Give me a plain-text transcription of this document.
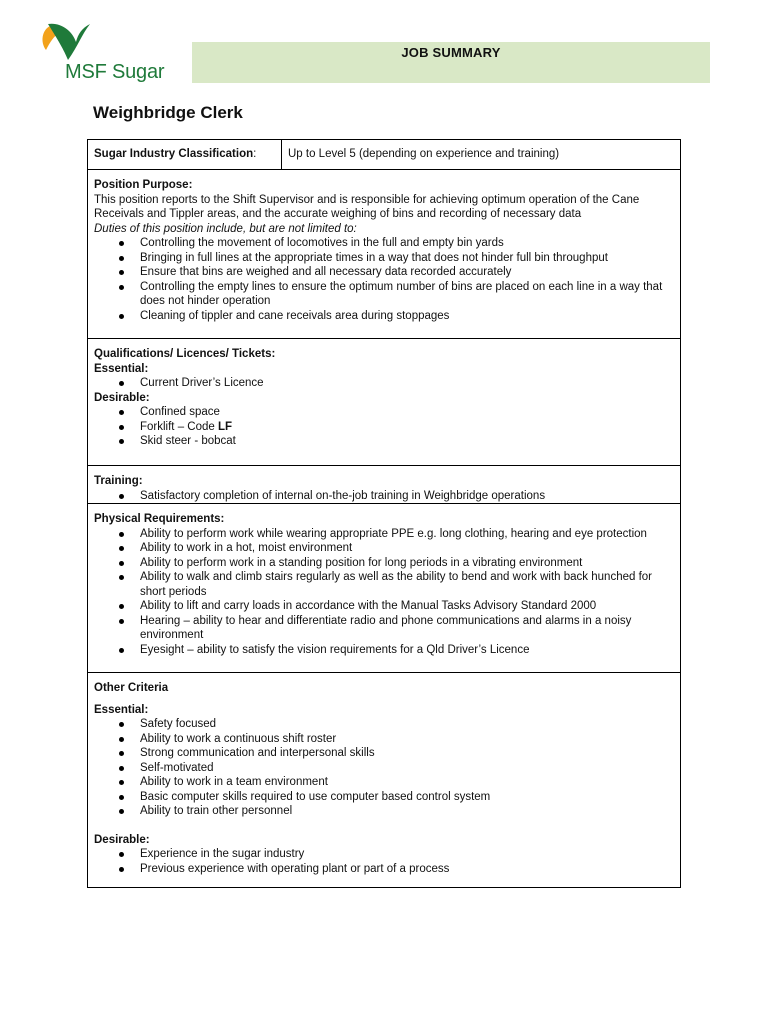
MSF Sugar
JOB SUMMARY
Weighbridge Clerk
Sugar Industry Classification:	Up to Level 5 (depending on experience and training)

Position Purpose:
This position reports to the Shift Supervisor and is responsible for achieving optimum operation of the Cane Receivals and Tippler areas, and the accurate weighing of bins and recording of necessary data
Duties of this position include, but are not limited to:
Controlling the movement of locomotives in the full and empty bin yards
Bringing in full lines at the appropriate times in a way that does not hinder full bin throughput
Ensure that bins are weighed and all necessary data recorded accurately
Controlling the empty lines to ensure the optimum number of bins are placed on each line in a way that does not hinder operation
Cleaning of tippler and cane receivals area during stoppages

Qualifications/ Licences/ Tickets:
Essential:
Current Driver’s Licence
Desirable:
Confined space
Forklift – Code LF
Skid steer - bobcat

Training:
Satisfactory completion of internal on-the-job training in Weighbridge operations

Physical Requirements:
Ability to perform work while wearing appropriate PPE e.g. long clothing, hearing and eye protection
Ability to work in a hot, moist environment
Ability to perform work in a standing position for long periods in a vibrating environment
Ability to walk and climb stairs regularly as well as the ability to bend and work with back hunched for short periods
Ability to lift and carry loads in accordance with the Manual Tasks Advisory Standard 2000
Hearing – ability to hear and differentiate radio and phone communications and alarms in a noisy environment
Eyesight – ability to satisfy the vision requirements for a Qld Driver’s Licence

Other Criteria
Essential:
Safety focused
Ability to work a continuous shift roster
Strong communication and interpersonal skills
Self-motivated
Ability to work in a team environment
Basic computer skills required to use computer based control system
Ability to train other personnel
Desirable:
Experience in the sugar industry
Previous experience with operating plant or part of a process
